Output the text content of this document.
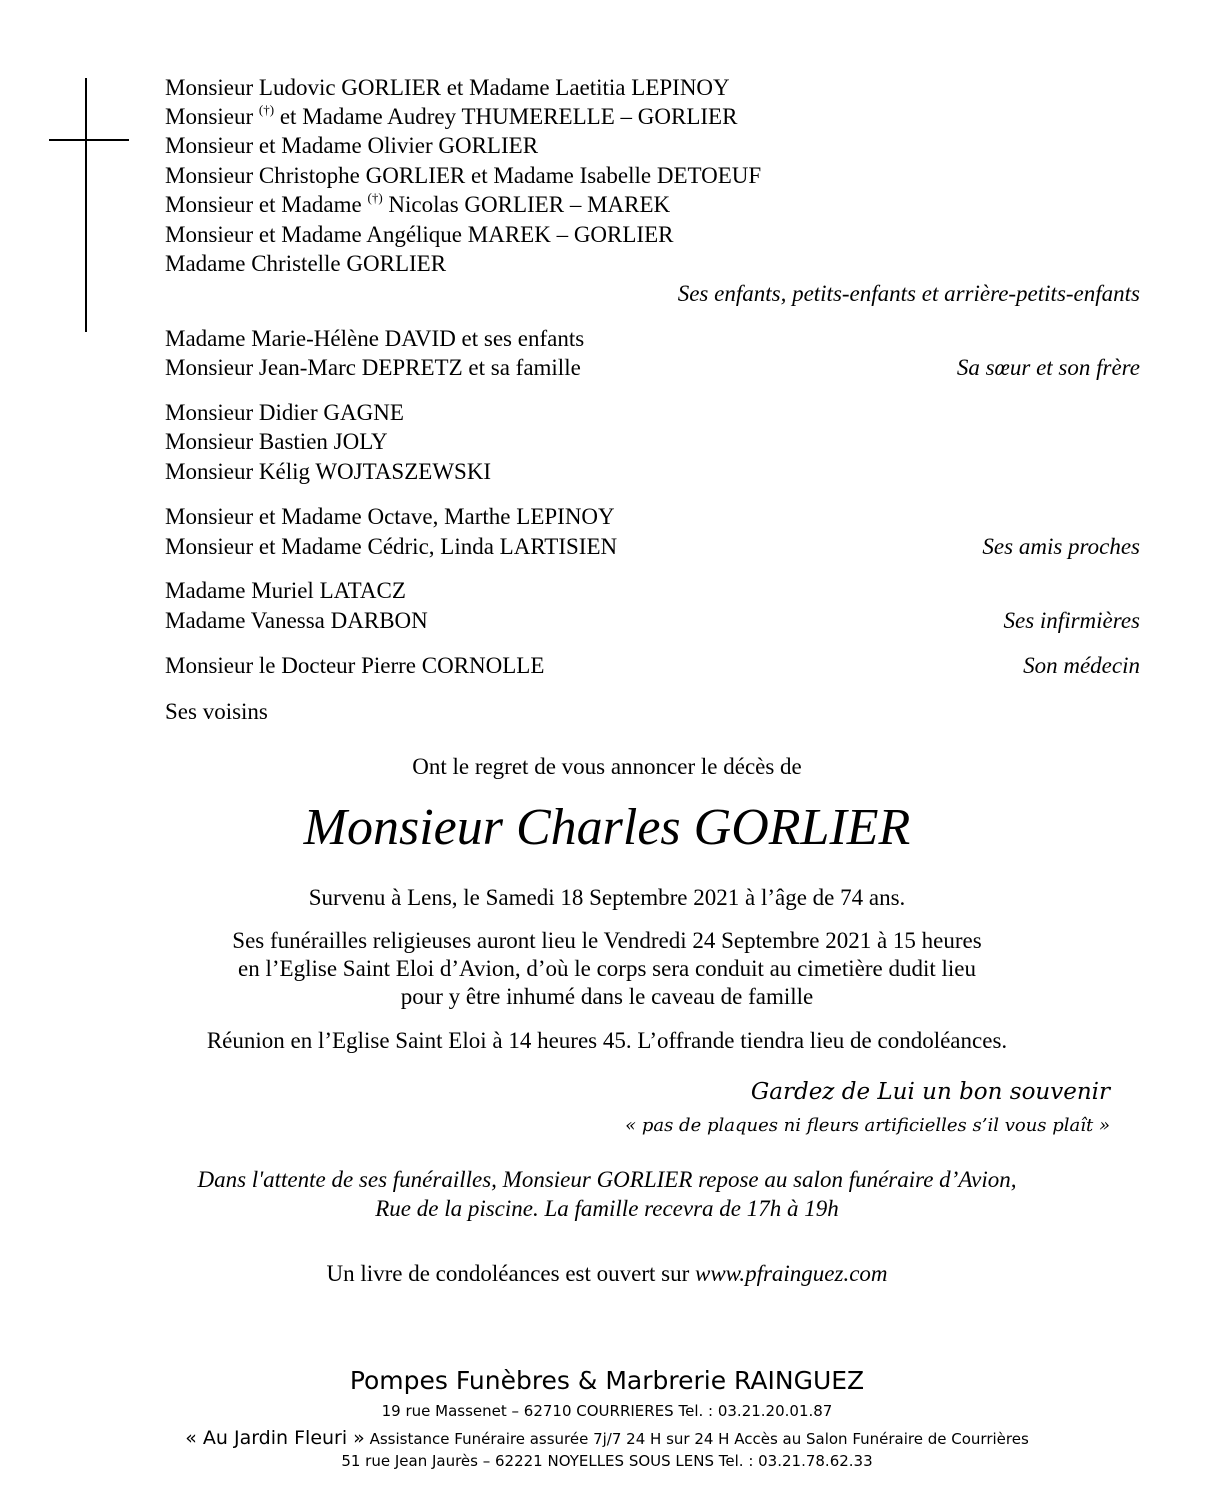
Monsieur Ludovic GORLIER et Madame Laetitia LEPINOY
Monsieur (†) et Madame Audrey THUMERELLE – GORLIER
Monsieur et Madame Olivier GORLIER
Monsieur Christophe GORLIER et Madame Isabelle DETOEUF
Monsieur et Madame (†) Nicolas GORLIER – MAREK
Monsieur et Madame Angélique MAREK – GORLIER
Madame Christelle GORLIER
Ses enfants, petits-enfants et arrière-petits-enfants
Madame Marie-Hélène DAVID et ses enfants
Monsieur Jean-Marc DEPRETZ et sa famille	Sa sœur et son frère
Monsieur Didier GAGNE
Monsieur Bastien JOLY
Monsieur Kélig WOJTASZEWSKI
Monsieur et Madame Octave, Marthe LEPINOY
Monsieur et Madame Cédric, Linda LARTISIEN	Ses amis proches
Madame Muriel LATACZ
Madame Vanessa DARBON	Ses infirmières
Monsieur le Docteur Pierre CORNOLLE	Son médecin
Ses voisins
Ont le regret de vous annoncer le décès de
Monsieur Charles GORLIER
Survenu à Lens, le Samedi 18 Septembre 2021 à l’âge de 74 ans.
Ses funérailles religieuses auront lieu le Vendredi 24 Septembre 2021 à 15 heures
en l’Eglise Saint Eloi d’Avion, d’où le corps sera conduit au cimetière dudit lieu
pour y être inhumé dans le caveau de famille
Réunion en l’Eglise Saint Eloi à 14 heures 45. L’offrande tiendra lieu de condoléances.
Gardez de Lui un bon souvenir
« pas de plaques ni fleurs artificielles s’il vous plaît »
Dans l'attente de ses funérailles, Monsieur GORLIER repose au salon funéraire d’Avion,
Rue de la piscine. La famille recevra de 17h à 19h
Un livre de condoléances est ouvert sur www.pfrainguez.com
Pompes Funèbres & Marbrerie RAINGUEZ
19 rue Massenet – 62710 COURRIERES Tel. : 03.21.20.01.87
« Au Jardin Fleuri » Assistance Funéraire assurée 7j/7 24 H sur 24 H Accès au Salon Funéraire de Courrières
51 rue Jean Jaurès – 62221 NOYELLES SOUS LENS Tel. : 03.21.78.62.33
